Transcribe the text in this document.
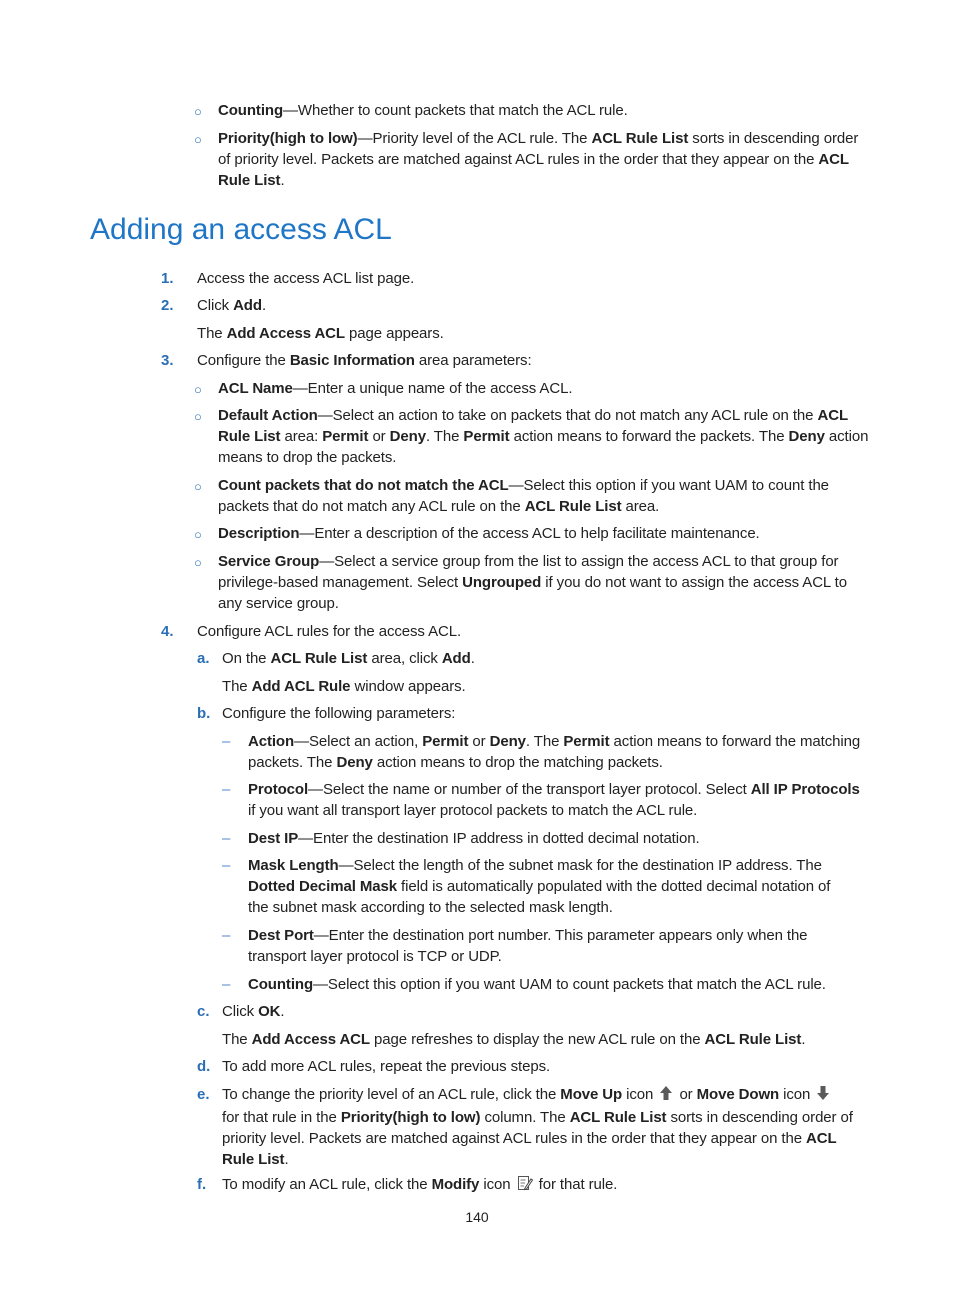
○ Counting—Whether to count packets that match the ACL rule.
○ Priority(high to low)—Priority level of the ACL rule. The ACL Rule List sorts in descending order
of priority level. Packets are matched against ACL rules in the order that they appear on the ACL
Rule List.
Adding an access ACL
1. Access the access ACL list page.
2. Click Add.
The Add Access ACL page appears.
3. Configure the Basic Information area parameters:
○ ACL Name—Enter a unique name of the access ACL.
○ Default Action—Select an action to take on packets that do not match any ACL rule on the ACL
Rule List area: Permit or Deny. The Permit action means to forward the packets. The Deny action
means to drop the packets.
○ Count packets that do not match the ACL—Select this option if you want UAM to count the
packets that do not match any ACL rule on the ACL Rule List area.
○ Description—Enter a description of the access ACL to help facilitate maintenance.
○ Service Group—Select a service group from the list to assign the access ACL to that group for
privilege-based management. Select Ungrouped if you do not want to assign the access ACL to
any service group.
4. Configure ACL rules for the access ACL.
a. On the ACL Rule List area, click Add.
The Add ACL Rule window appears.
b. Configure the following parameters:
– Action—Select an action, Permit or Deny. The Permit action means to forward the matching
packets. The Deny action means to drop the matching packets.
– Protocol—Select the name or number of the transport layer protocol. Select All IP Protocols
if you want all transport layer protocol packets to match the ACL rule.
– Dest IP—Enter the destination IP address in dotted decimal notation.
– Mask Length—Select the length of the subnet mask for the destination IP address. The
Dotted Decimal Mask field is automatically populated with the dotted decimal notation of
the subnet mask according to the selected mask length.
– Dest Port—Enter the destination port number. This parameter appears only when the
transport layer protocol is TCP or UDP.
– Counting—Select this option if you want UAM to count packets that match the ACL rule.
c. Click OK.
The Add Access ACL page refreshes to display the new ACL rule on the ACL Rule List.
d. To add more ACL rules, repeat the previous steps.
e. To change the priority level of an ACL rule, click the Move Up icon  or Move Down icon
for that rule in the Priority(high to low) column. The ACL Rule List sorts in descending order of
priority level. Packets are matched against ACL rules in the order that they appear on the ACL
Rule List.
f. To modify an ACL rule, click the Modify icon  for that rule.
140
